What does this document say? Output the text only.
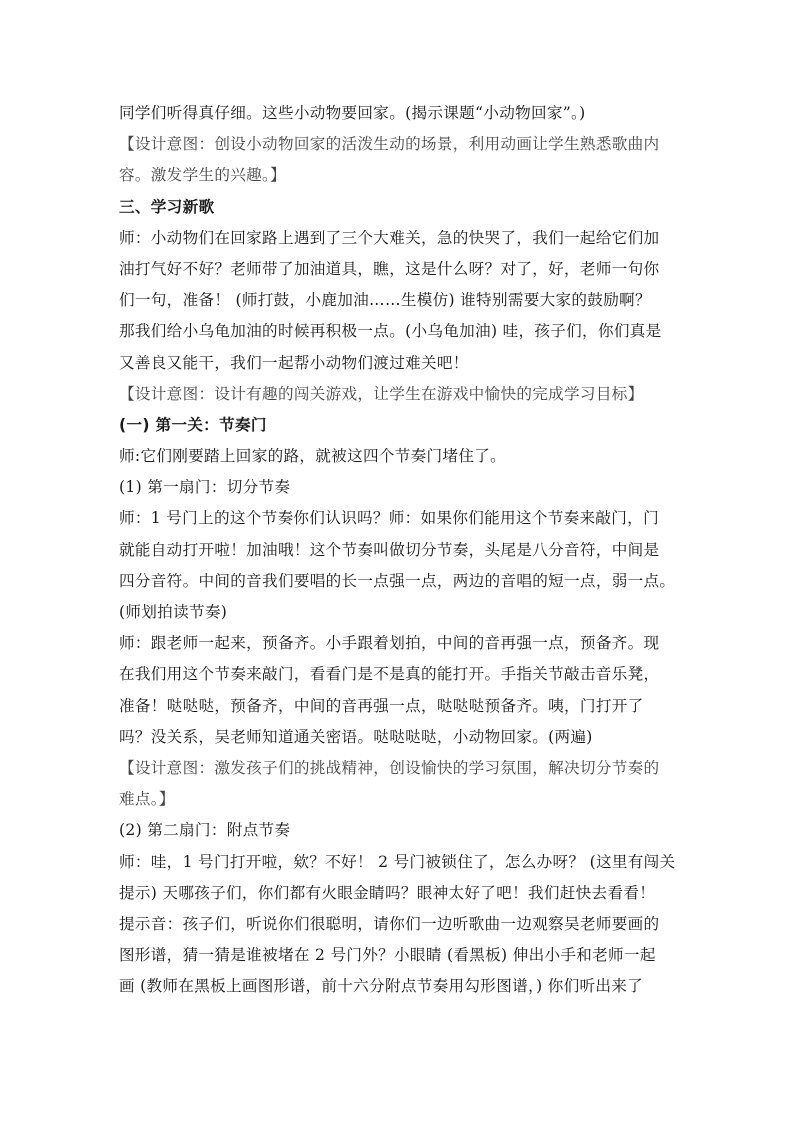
同学们听得真仔细。这些小动物要回家。(揭示课题“小动物回家”。)
【设计意图：创设小动物回家的活泼生动的场景，利用动画让学生熟悉歌曲内
容。激发学生的兴趣。】
三、学习新歌
师：小动物们在回家路上遇到了三个大难关，急的快哭了，我们一起给它们加
油打气好不好？老师带了加油道具，瞧，这是什么呀？对了，好，老师一句你
们一句，准备！ (师打鼓，小鹿加油……生模仿) 谁特别需要大家的鼓励啊？
那我们给小乌龟加油的时候再积极一点。(小乌龟加油) 哇，孩子们，你们真是
又善良又能干，我们一起帮小动物们渡过难关吧！
【设计意图：设计有趣的闯关游戏，让学生在游戏中愉快的完成学习目标】
(一) 第一关：节奏门
师:它们刚要踏上回家的路，就被这四个节奏门堵住了。
(1) 第一扇门：切分节奏
师：1 号门上的这个节奏你们认识吗？师：如果你们能用这个节奏来敲门，门
就能自动打开啦！加油哦！这个节奏叫做切分节奏，头尾是八分音符，中间是
四分音符。中间的音我们要唱的长一点强一点，两边的音唱的短一点，弱一点。
(师划拍读节奏)
师：跟老师一起来，预备齐。小手跟着划拍，中间的音再强一点，预备齐。现
在我们用这个节奏来敲门，看看门是不是真的能打开。手指关节敲击音乐凳，
准备！哒哒哒，预备齐，中间的音再强一点，哒哒哒预备齐。咦，门打开了
吗？没关系，吴老师知道通关密语。哒哒哒哒，小动物回家。(两遍)
【设计意图：激发孩子们的挑战精神，创设愉快的学习氛围，解决切分节奏的
难点。】
(2) 第二扇门：附点节奏
师：哇，1 号门打开啦，欸？不好！ 2 号门被锁住了，怎么办呀？ (这里有闯关
提示) 天哪孩子们，你们都有火眼金睛吗？眼神太好了吧！我们赶快去看看！
提示音：孩子们，听说你们很聪明，请你们一边听歌曲一边观察吴老师要画的
图形谱，猜一猜是谁被堵在 2 号门外？小眼睛 (看黑板) 伸出小手和老师一起
画 (教师在黑板上画图形谱，前十六分附点节奏用勾形图谱，) 你们听出来了
